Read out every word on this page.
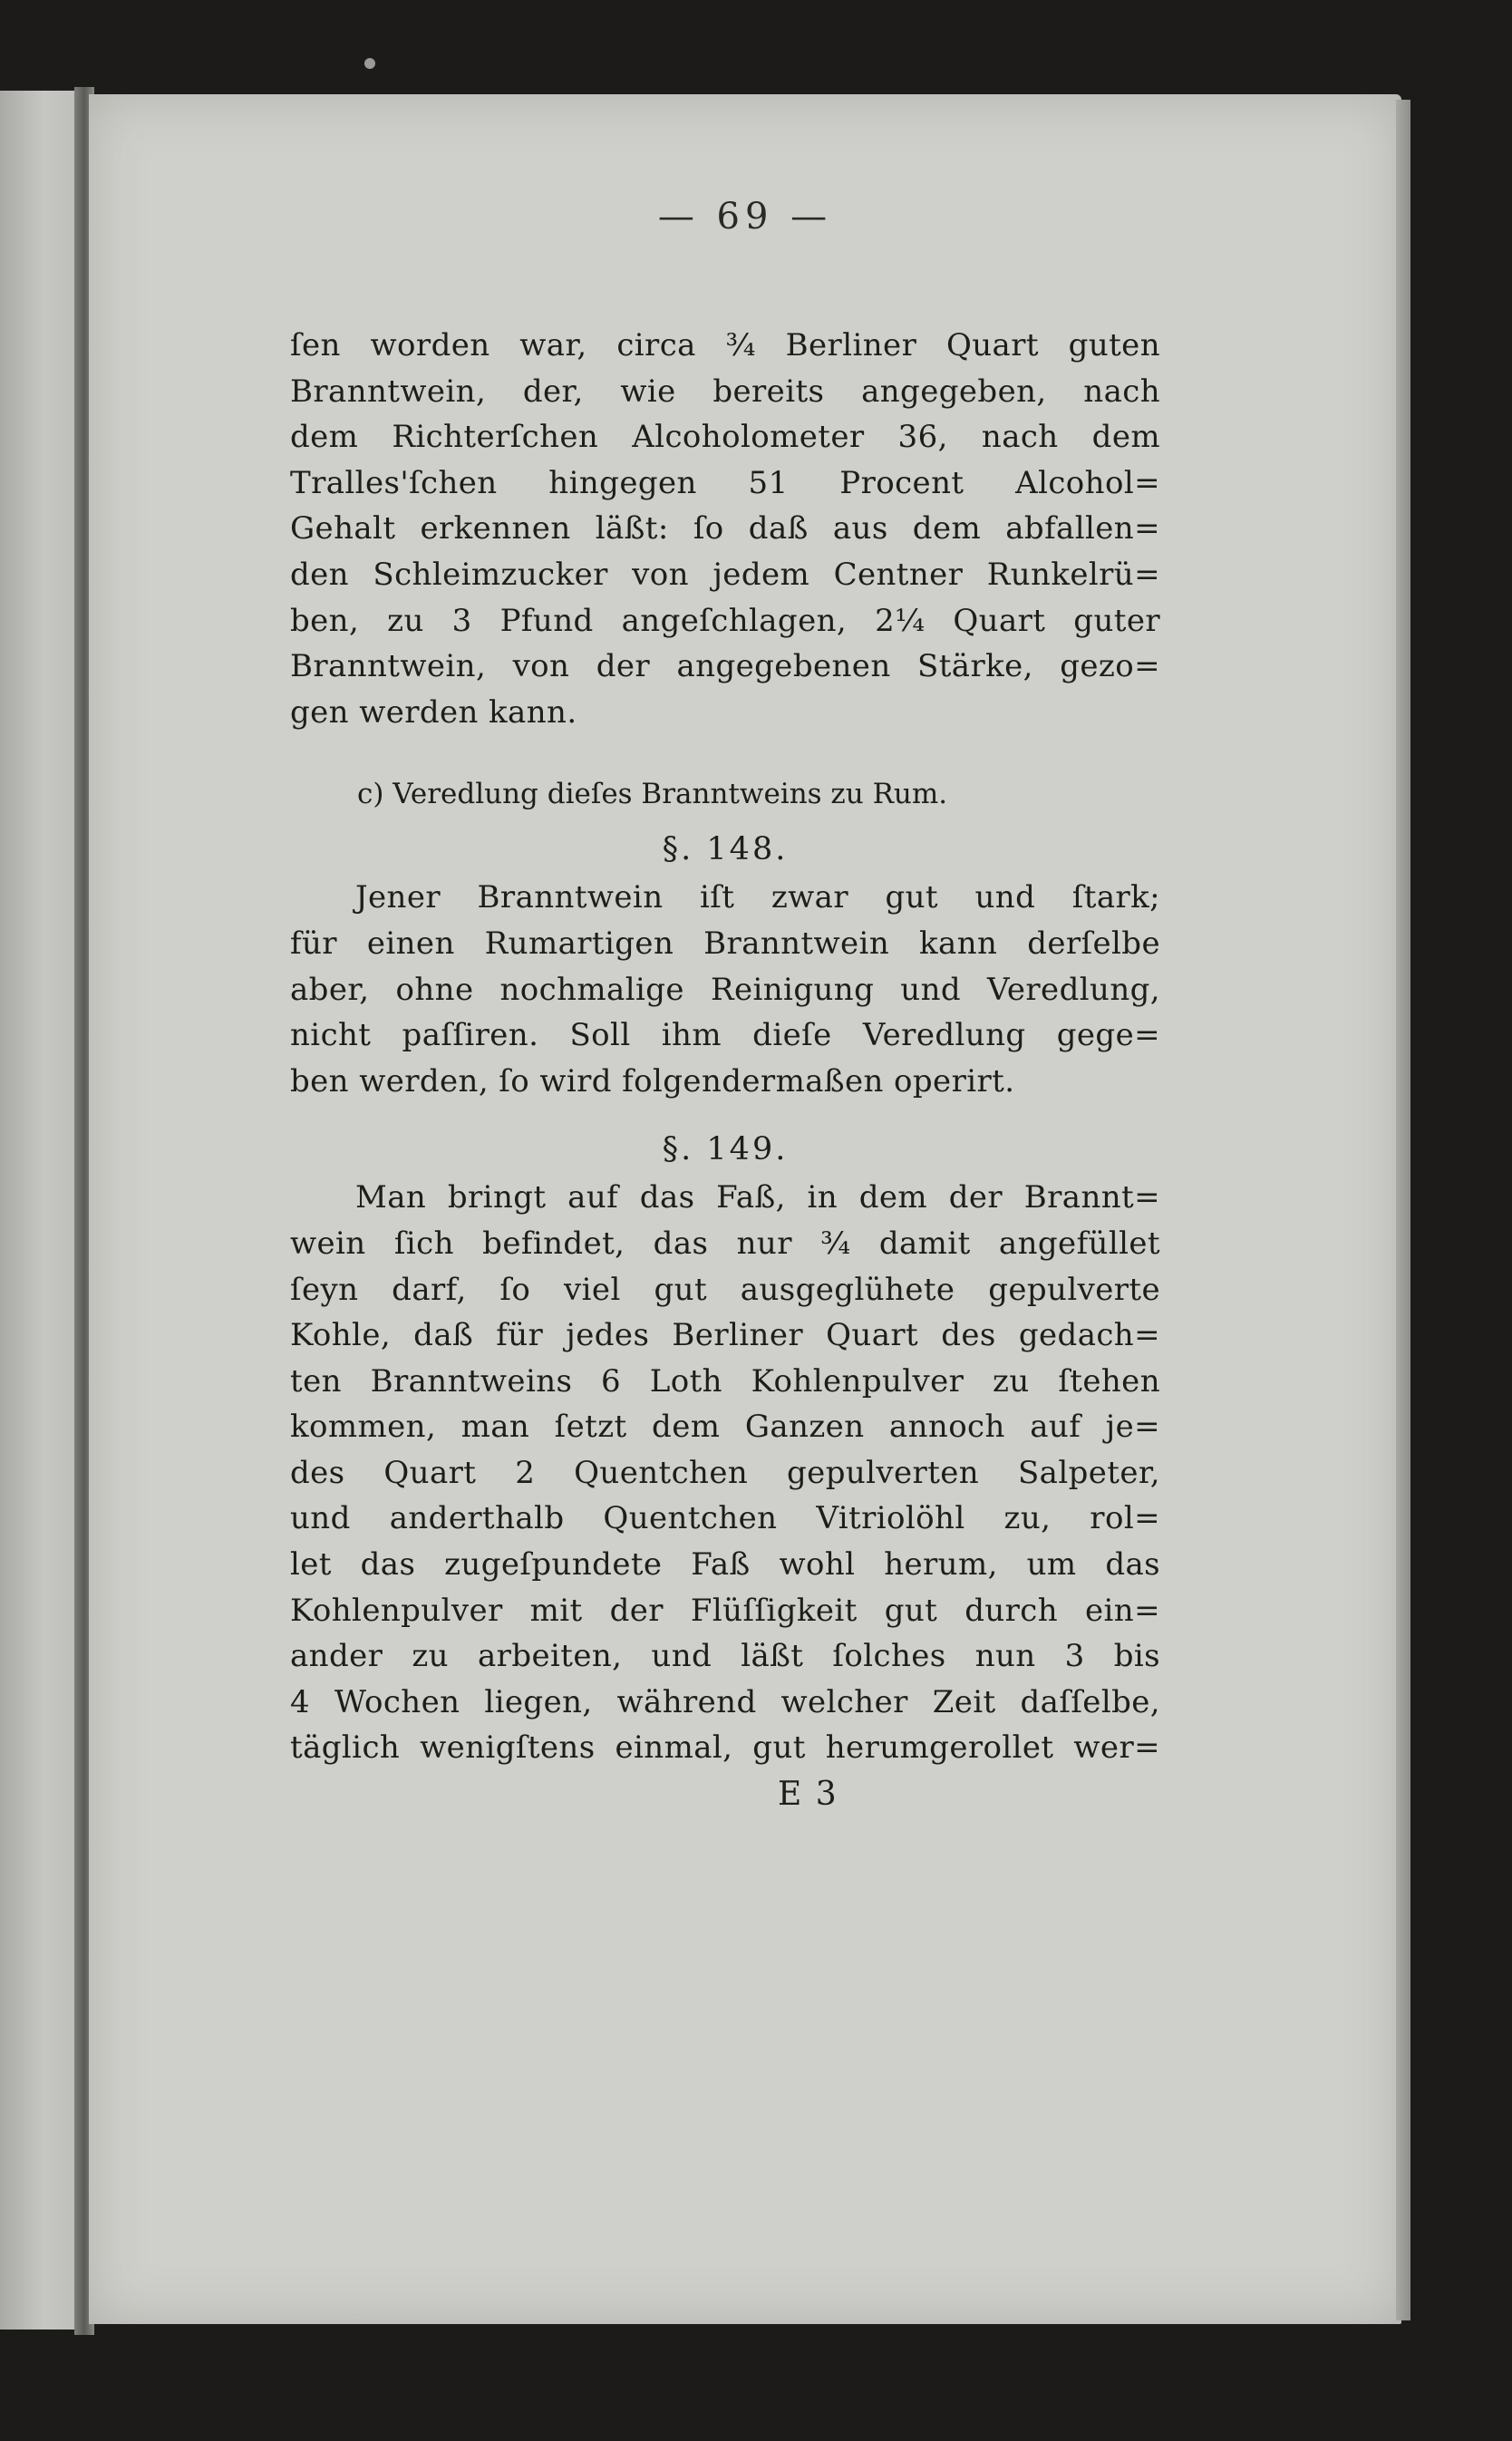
— 69 —
ſen worden war, circa ¾ Berliner Quart guten
Branntwein, der, wie bereits angegeben, nach
dem Richterſchen Alcoholometer 36, nach dem
Tralles'ſchen hingegen 51 Procent Alcohol=
Gehalt erkennen läßt: ſo daß aus dem abfallen=
den Schleimzucker von jedem Centner Runkelrü=
ben, zu 3 Pfund angeſchlagen, 2¼ Quart guter
Branntwein, von der angegebenen Stärke, gezo=
gen werden kann.
c) Veredlung dieſes Branntweins zu Rum.
§. 148.
Jener Branntwein iſt zwar gut und ſtark;
für einen Rumartigen Branntwein kann derſelbe
aber, ohne nochmalige Reinigung und Veredlung,
nicht paſſiren. Soll ihm dieſe Veredlung gege=
ben werden, ſo wird folgendermaßen operirt.
§. 149.
Man bringt auf das Faß, in dem der Brannt=
wein ſich befindet, das nur ¾ damit angefüllet
ſeyn darf, ſo viel gut ausgeglühete gepulverte
Kohle, daß für jedes Berliner Quart des gedach=
ten Branntweins 6 Loth Kohlenpulver zu ſtehen
kommen, man ſetzt dem Ganzen annoch auf je=
des Quart 2 Quentchen gepulverten Salpeter,
und anderthalb Quentchen Vitriolöhl zu, rol=
let das zugeſpundete Faß wohl herum, um das
Kohlenpulver mit der Flüſſigkeit gut durch ein=
ander zu arbeiten, und läßt ſolches nun 3 bis
4 Wochen liegen, während welcher Zeit daſſelbe,
täglich wenigſtens einmal, gut herumgerollet wer=
E 3
